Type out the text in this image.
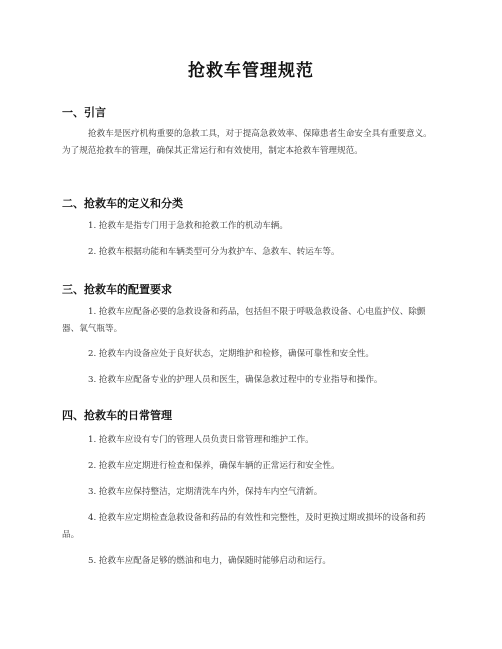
抢救车管理规范
一、引言
抢救车是医疗机构重要的急救工具，对于提高急救效率、保障患者生命安全具有重要意义。为了规范抢救车的管理，确保其正常运行和有效使用，制定本抢救车管理规范。
二、抢救车的定义和分类
1. 抢救车是指专门用于急救和抢救工作的机动车辆。
2. 抢救车根据功能和车辆类型可分为救护车、急救车、转运车等。
三、抢救车的配置要求
1. 抢救车应配备必要的急救设备和药品，包括但不限于呼吸急救设备、心电监护仪、除颤器、氧气瓶等。
2. 抢救车内设备应处于良好状态，定期维护和检修，确保可靠性和安全性。
3. 抢救车应配备专业的护理人员和医生，确保急救过程中的专业指导和操作。
四、抢救车的日常管理
1. 抢救车应设有专门的管理人员负责日常管理和维护工作。
2. 抢救车应定期进行检查和保养，确保车辆的正常运行和安全性。
3. 抢救车应保持整洁，定期清洗车内外，保持车内空气清新。
4. 抢救车应定期检查急救设备和药品的有效性和完整性，及时更换过期或损坏的设备和药品。
5. 抢救车应配备足够的燃油和电力，确保随时能够启动和运行。
